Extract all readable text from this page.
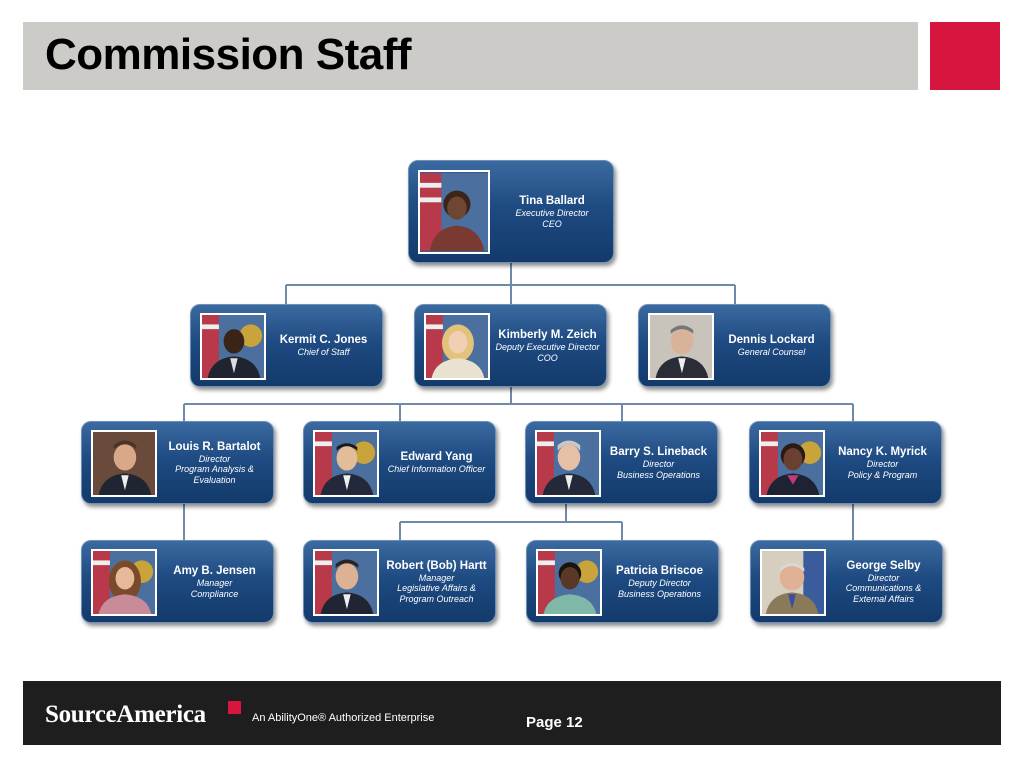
Commission Staff
Tina Ballard
Executive Director
CEO
Kermit C. Jones
Chief of Staff
Kimberly M. Zeich
Deputy Executive Director
COO
Dennis Lockard
General Counsel
Louis R. Bartalot
Director
Program Analysis &
Evaluation
Edward Yang
Chief Information Officer
Barry S. Lineback
Director
Business Operations
Nancy K. Myrick
Director
Policy & Program
Amy B. Jensen
Manager
Compliance
Robert (Bob) Hartt
Manager
Legislative Affairs &
Program Outreach
Patricia Briscoe
Deputy Director
Business Operations
George Selby
Director
Communications &
External Affairs
SourceAmerica	An AbilityOne® Authorized Enterprise	Page 12
